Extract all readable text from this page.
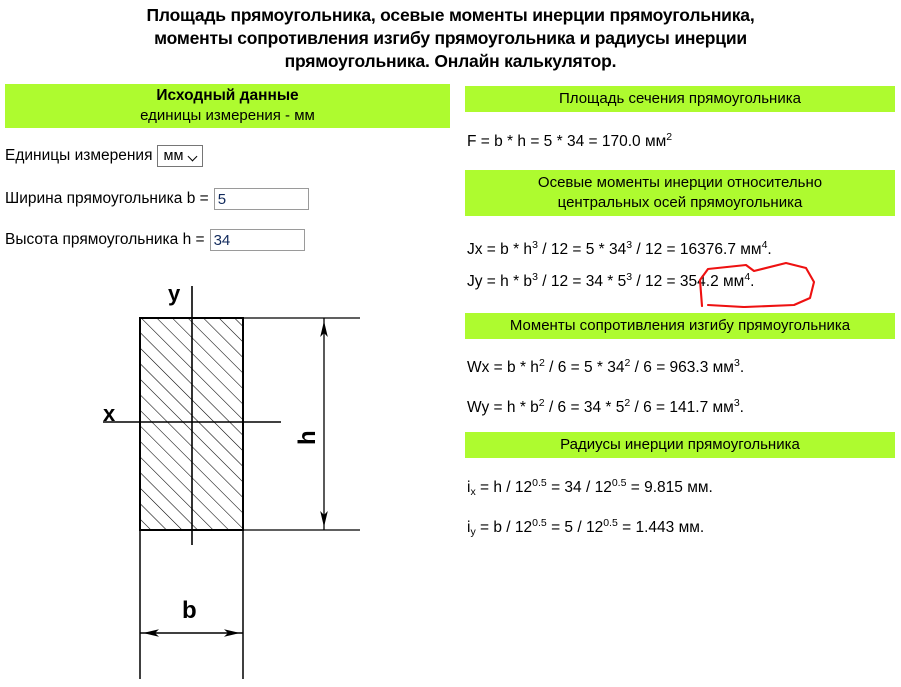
Площадь прямоугольника, осевые моменты инерции прямоугольника,
моменты сопротивления изгибу прямоугольника и радиусы инерции
прямоугольника. Онлайн калькулятор.
Исходный данные
единицы измерения - мм
Единицы измерения мм
Ширина прямоугольника b =
5
Высота прямоугольника h =
34
y
x
h
b
Площадь сечения прямоугольника
F = b * h = 5 * 34 = 170.0 $мм^2$
Осевые моменты инерции относительно
центральных осей прямоугольника
$Jx = b * h^3 / 12 = 5 * 34^3 / 12 = 16376.7$ $мм^4$.
$Jy = h * b^3 / 12 = 34 * 5^3 / 12 = 354.2$ $мм^4$.
Моменты сопротивления изгибу прямоугольника
$Wx = b * h^2 / 6 = 5 * 34^2 / 6 = 963.3$ $мм^3$.
$Wy = h * b^2 / 6 = 34 * 5^2 / 6 = 141.7$ $мм^3$.
Радиусы инерции прямоугольника
$i_x = h / 12^{0.5} = 34 / 12^{0.5} = 9.815$ мм.
$i_y = b / 12^{0.5} = 5 / 12^{0.5} = 1.443$ мм.
